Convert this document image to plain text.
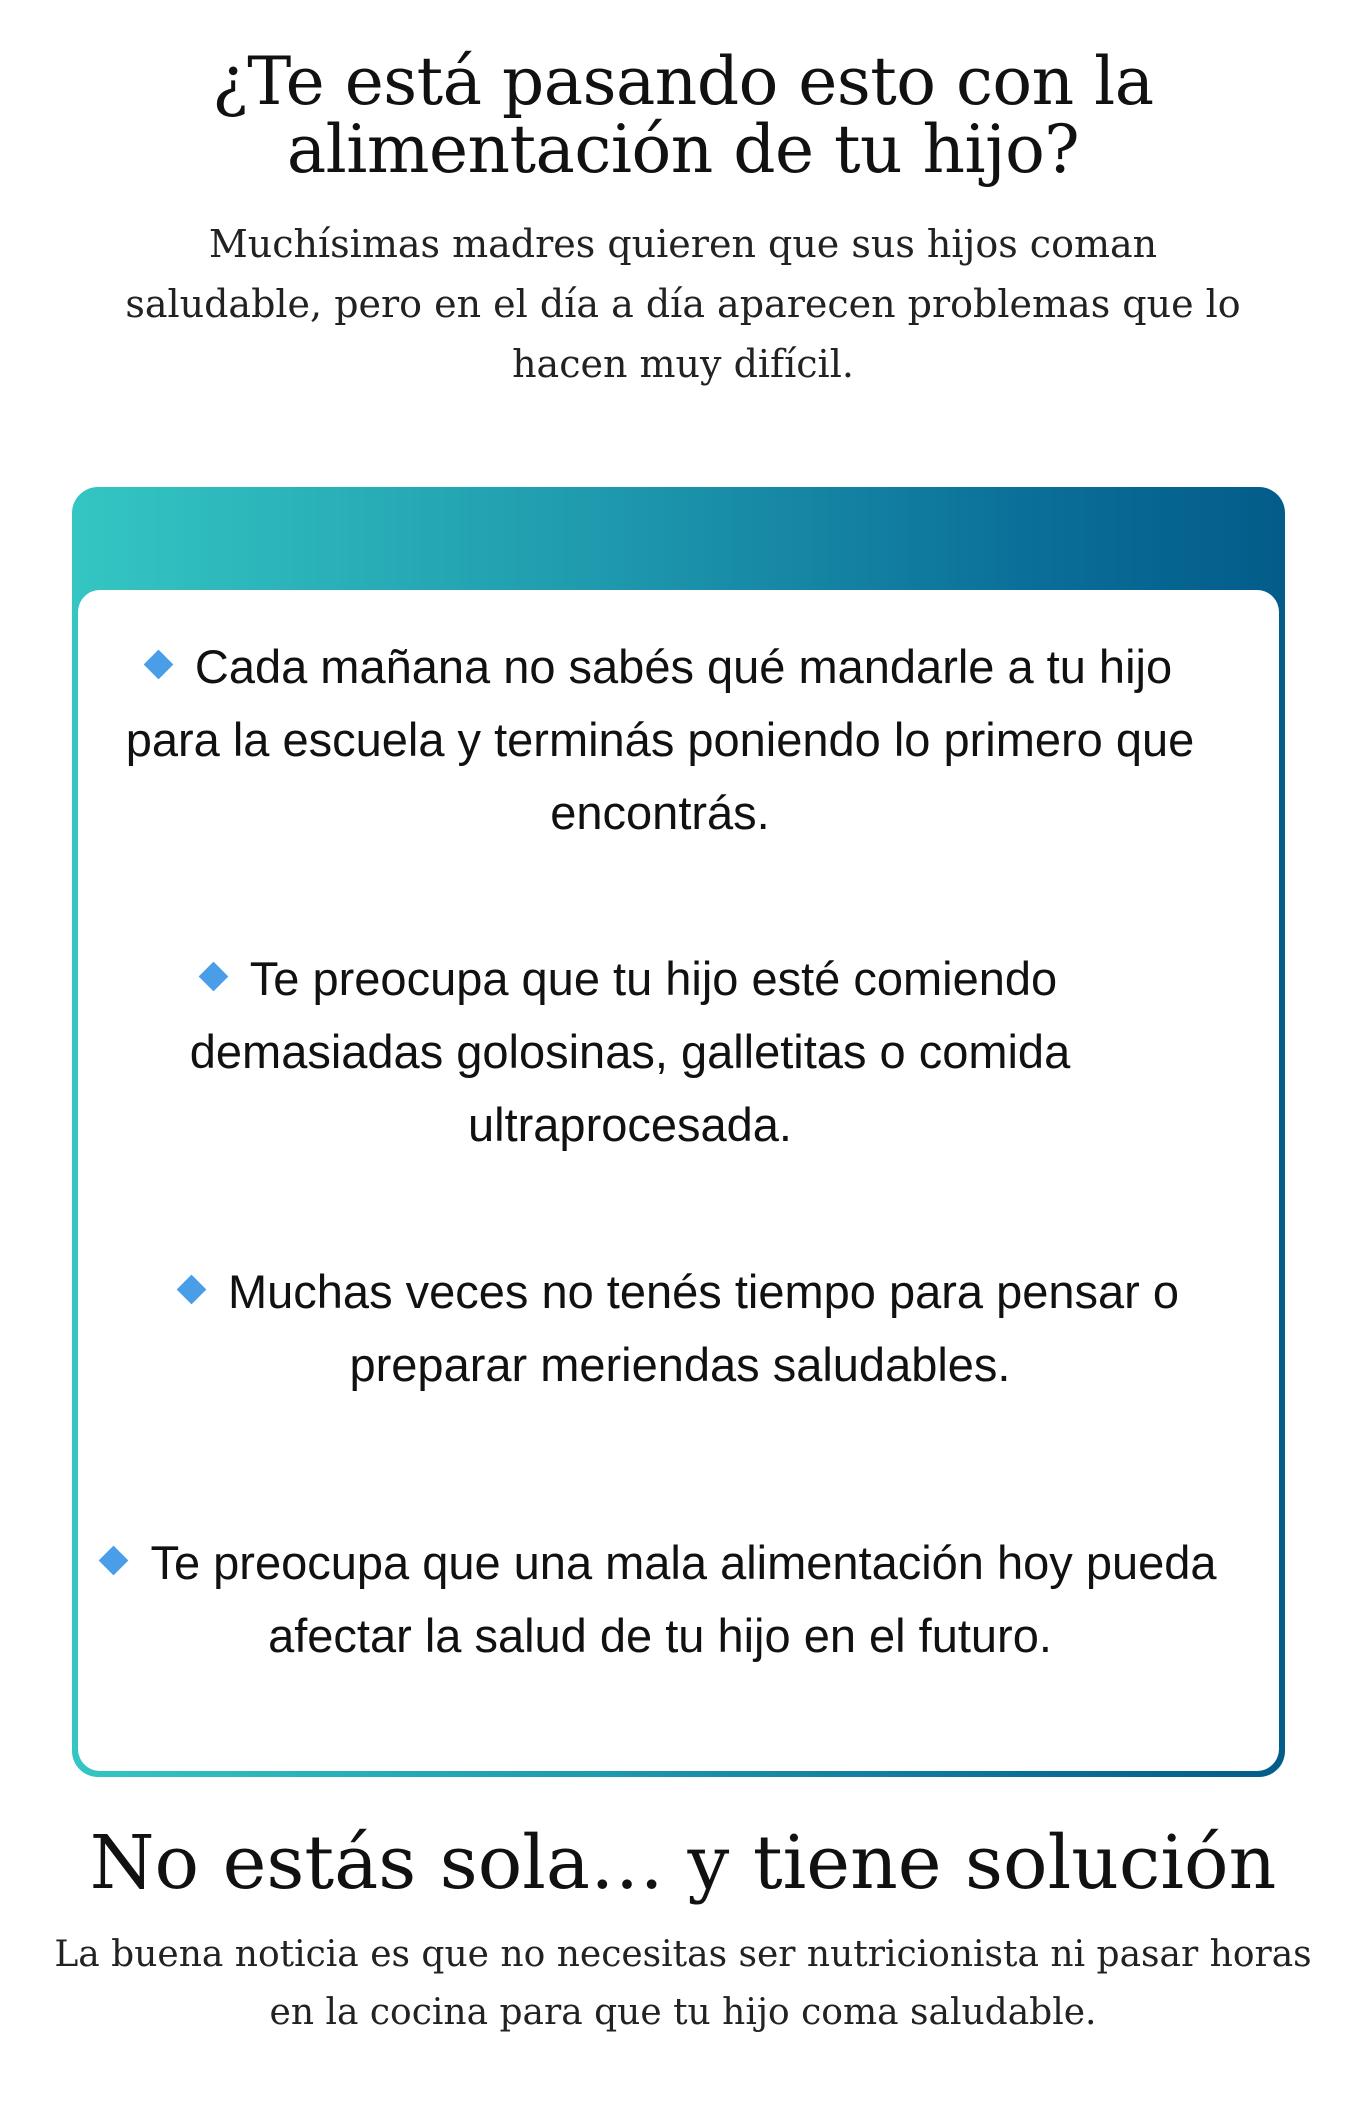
¿Te está pasando esto con la alimentación de tu hijo?

Muchísimas madres quieren que sus hijos coman saludable, pero en el día a día aparecen problemas que lo hacen muy difícil.

Cada mañana no sabés qué mandarle a tu hijo para la escuela y terminás poniendo lo primero que encontrás.

Te preocupa que tu hijo esté comiendo demasiadas golosinas, galletitas o comida ultraprocesada.

Muchas veces no tenés tiempo para pensar o preparar meriendas saludables.

Te preocupa que una mala alimentación hoy pueda afectar la salud de tu hijo en el futuro.

No estás sola… y tiene solución

La buena noticia es que no necesitas ser nutricionista ni pasar horas en la cocina para que tu hijo coma saludable.
